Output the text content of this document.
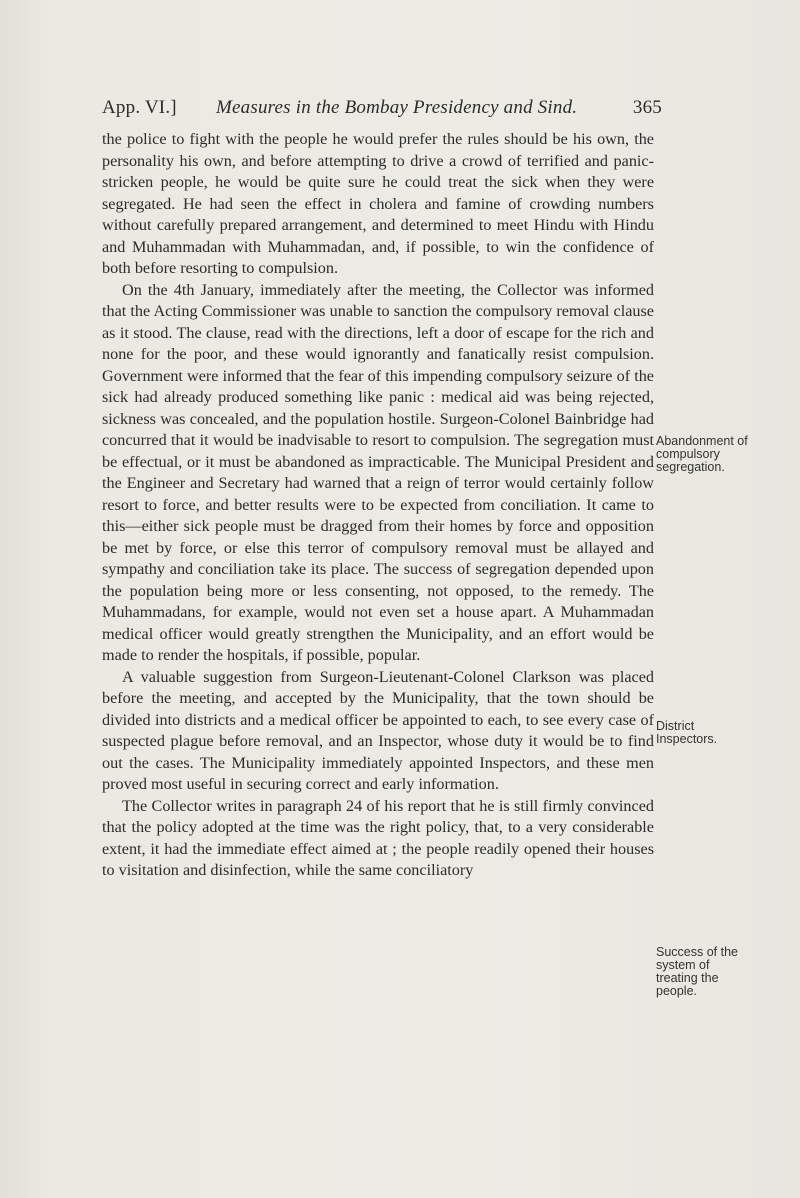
App. VI.] Measures in the Bombay Presidency and Sind.	365

the police to fight with the people he would prefer the rules should be his own, the personality his own, and before attempting to drive a crowd of terrified and panic-stricken people, he would be quite sure he could treat the sick when they were segregated. He had seen the effect in cholera and famine of crowding numbers without carefully prepared arrangement, and determined to meet Hindu with Hindu and Muhammadan with Muhammadan, and, if possible, to win the confidence of both before resorting to compulsion.

On the 4th January, immediately after the meeting, the Collector was informed that the Acting Commissioner was unable to sanction the compulsory removal clause as it stood. The clause, read with the directions, left a door of escape for the rich and none for the poor, and these would ignorantly and fanatically resist compulsion. Government were informed that the fear of this impending compulsory seizure of the sick had already produced something like panic : medical aid was being rejected, sickness was concealed, and the population hostile. Surgeon-Colonel Bainbridge had concurred that it would be inadvisable to resort to compulsion. The segregation must be effectual, or it must be abandoned as impracticable. The Municipal President and the Engineer and Secretary had warned that a reign of terror would certainly follow resort to force, and better results were to be expected from conciliation. It came to this—either sick people must be dragged from their homes by force and opposition be met by force, or else this terror of compulsory removal must be allayed and sympathy and conciliation take its place. The success of segregation depended upon the population being more or less consenting, not opposed, to the remedy. The Muhammadans, for example, would not even set a house apart. A Muhammadan medical officer would greatly strengthen the Municipality, and an effort would be made to render the hospitals, if possible, popular.

A valuable suggestion from Surgeon-Lieutenant-Colonel Clarkson was placed before the meeting, and accepted by the Municipality, that the town should be divided into districts and a medical officer be appointed to each, to see every case of suspected plague before removal, and an Inspector, whose duty it would be to find out the cases. The Municipality immediately appointed Inspectors, and these men proved most useful in securing correct and early information.

The Collector writes in paragraph 24 of his report that he is still firmly convinced that the policy adopted at the time was the right policy, that, to a very considerable extent, it had the immediate effect aimed at ; the people readily opened their houses to visitation and disinfection, while the same conciliatory

Abandonment of
compulsory
segregation.
District
Inspectors.
Success of the
system of
treating the
people.
